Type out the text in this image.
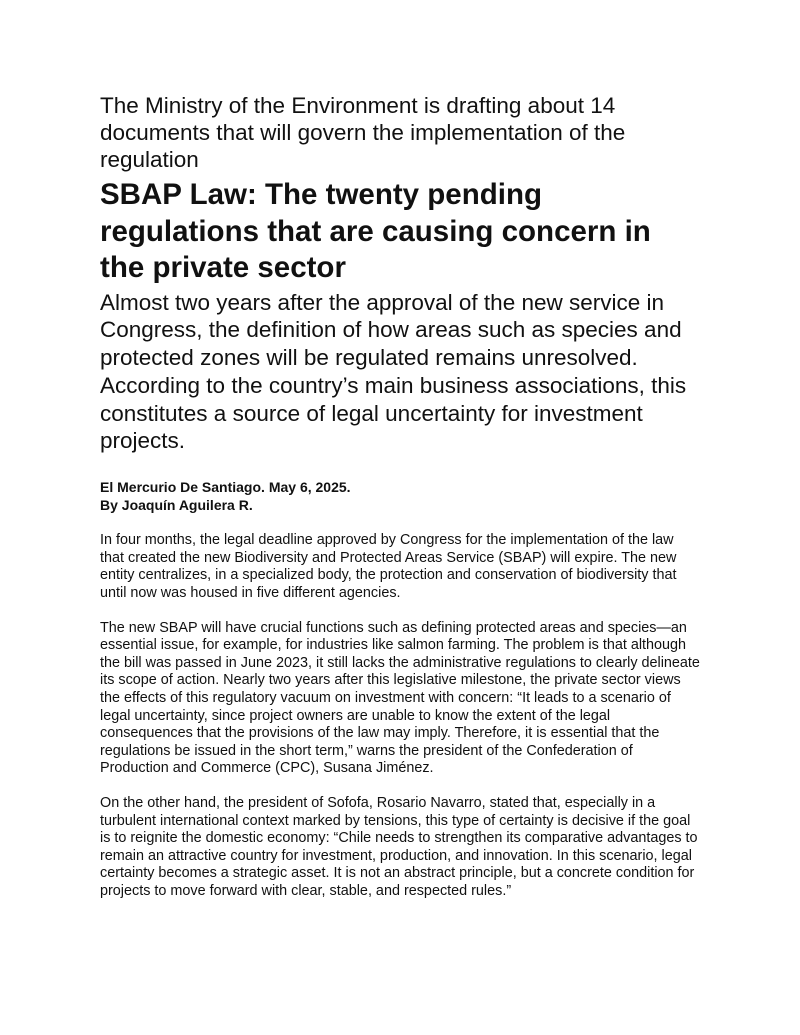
The Ministry of the Environment is drafting about 14 documents that will govern the implementation of the regulation
SBAP Law: The twenty pending regulations that are causing concern in the private sector
Almost two years after the approval of the new service in Congress, the definition of how areas such as species and protected zones will be regulated remains unresolved. According to the country’s main business associations, this constitutes a source of legal uncertainty for investment projects.
El Mercurio De Santiago. May 6, 2025.
By Joaquín Aguilera R.

In four months, the legal deadline approved by Congress for the implementation of the law that created the new Biodiversity and Protected Areas Service (SBAP) will expire. The new entity centralizes, in a specialized body, the protection and conservation of biodiversity that until now was housed in five different agencies.

The new SBAP will have crucial functions such as defining protected areas and species—an essential issue, for example, for industries like salmon farming. The problem is that although the bill was passed in June 2023, it still lacks the administrative regulations to clearly delineate its scope of action. Nearly two years after this legislative milestone, the private sector views the effects of this regulatory vacuum on investment with concern: “It leads to a scenario of legal uncertainty, since project owners are unable to know the extent of the legal consequences that the provisions of the law may imply. Therefore, it is essential that the regulations be issued in the short term,” warns the president of the Confederation of Production and Commerce (CPC), Susana Jiménez.

On the other hand, the president of Sofofa, Rosario Navarro, stated that, especially in a turbulent international context marked by tensions, this type of certainty is decisive if the goal is to reignite the domestic economy: “Chile needs to strengthen its comparative advantages to remain an attractive country for investment, production, and innovation. In this scenario, legal certainty becomes a strategic asset. It is not an abstract principle, but a concrete condition for projects to move forward with clear, stable, and respected rules.”
